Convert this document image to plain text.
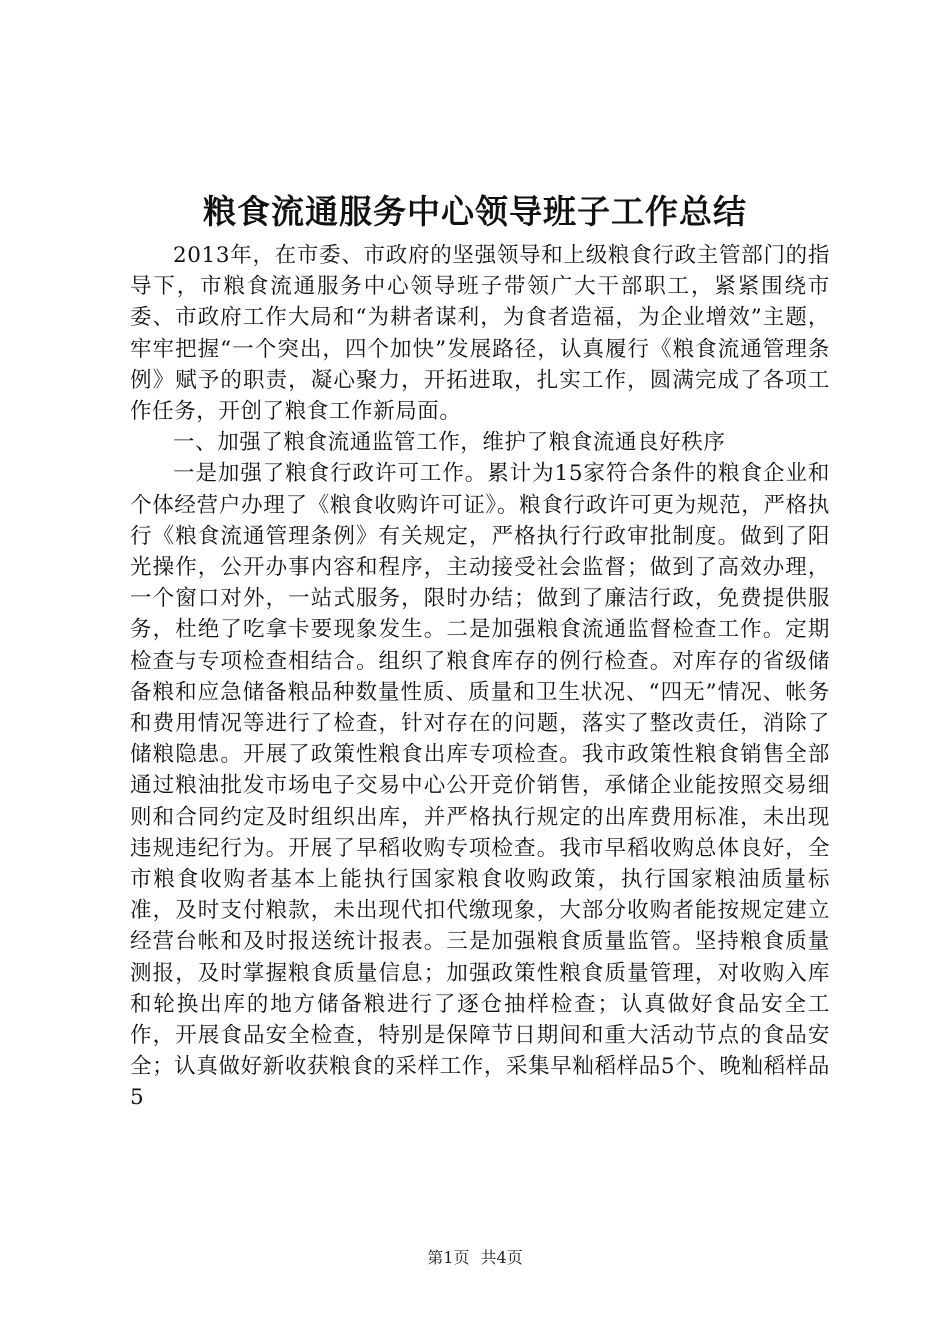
粮食流通服务中心领导班子工作总结

2013年，在市委、市政府的坚强领导和上级粮食行政主管部门的指导下，市粮食流通服务中心领导班子带领广大干部职工，紧紧围绕市委、市政府工作大局和“为耕者谋利，为食者造福，为企业增效”主题，牢牢把握“一个突出，四个加快”发展路径，认真履行《粮食流通管理条例》赋予的职责，凝心聚力，开拓进取，扎实工作，圆满完成了各项工作任务，开创了粮食工作新局面。

一、加强了粮食流通监管工作，维护了粮食流通良好秩序

一是加强了粮食行政许可工作。累计为15家符合条件的粮食企业和个体经营户办理了《粮食收购许可证》。粮食行政许可更为规范，严格执行《粮食流通管理条例》有关规定，严格执行行政审批制度。做到了阳光操作，公开办事内容和程序，主动接受社会监督；做到了高效办理，一个窗口对外，一站式服务，限时办结；做到了廉洁行政，免费提供服务，杜绝了吃拿卡要现象发生。二是加强粮食流通监督检查工作。定期检查与专项检查相结合。组织了粮食库存的例行检查。对库存的省级储备粮和应急储备粮品种数量性质、质量和卫生状况、“四无”情况、帐务和费用情况等进行了检查，针对存在的问题，落实了整改责任，消除了储粮隐患。开展了政策性粮食出库专项检查。我市政策性粮食销售全部通过粮油批发市场电子交易中心公开竞价销售，承储企业能按照交易细则和合同约定及时组织出库，并严格执行规定的出库费用标准，未出现违规违纪行为。开展了早稻收购专项检查。我市早稻收购总体良好，全市粮食收购者基本上能执行国家粮食收购政策，执行国家粮油质量标准，及时支付粮款，未出现代扣代缴现象，大部分收购者能按规定建立经营台帐和及时报送统计报表。三是加强粮食质量监管。坚持粮食质量测报，及时掌握粮食质量信息；加强政策性粮食质量管理，对收购入库和轮换出库的地方储备粮进行了逐仓抽样检查；认真做好食品安全工作，开展食品安全检查，特别是保障节日期间和重大活动节点的食品安全；认真做好新收获粮食的采样工作，采集早籼稻样品5个、晚籼稻样品5

第1页 共4页
